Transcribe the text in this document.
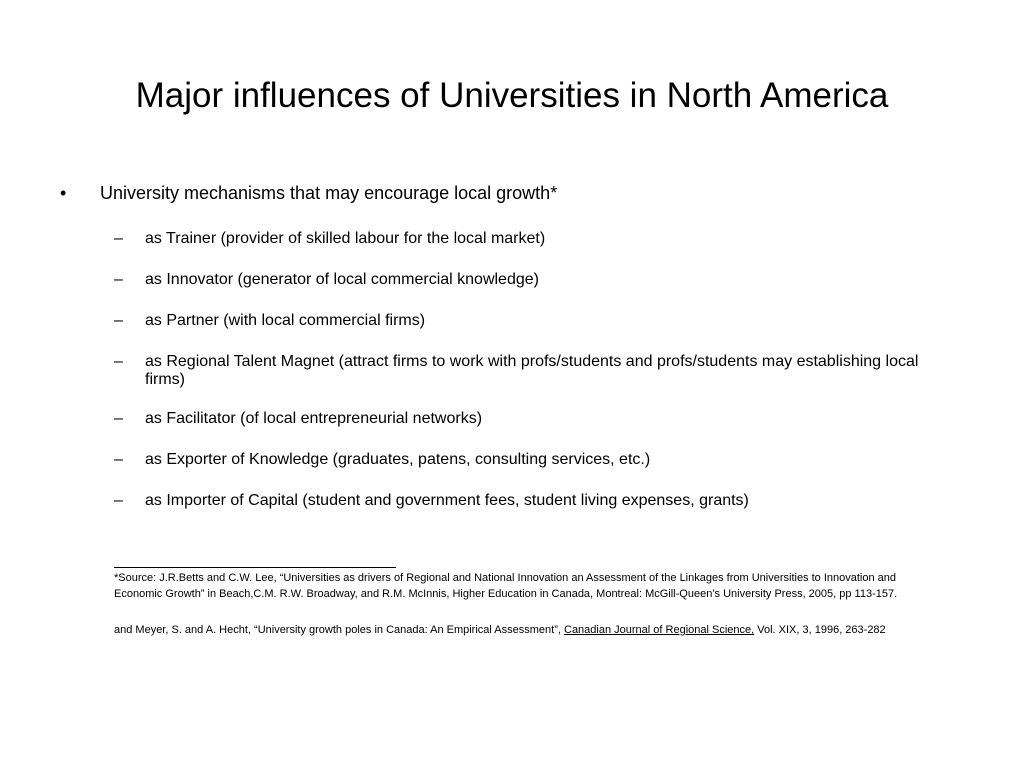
Major influences of Universities in North America
• University mechanisms that may encourage local growth*
– as Trainer (provider of skilled labour for the local market)
– as Innovator (generator of local commercial knowledge)
– as Partner (with local commercial firms)
– as Regional Talent Magnet (attract firms to work with profs/students and profs/students may establishing local firms)
– as Facilitator (of local entrepreneurial networks)
– as Exporter of Knowledge (graduates, patens, consulting services, etc.)
– as Importer of Capital (student and government fees, student living expenses, grants)
*Source: J.R.Betts and C.W. Lee, “Universities as drivers of Regional and National Innovation an Assessment of the Linkages from Universities to Innovation and Economic Growth” in Beach,C.M. R.W. Broadway, and R.M. McInnis, Higher Education in Canada, Montreal: McGill-Queen’s University Press, 2005, pp 113-157.
and Meyer, S. and A. Hecht, “University growth poles in Canada: An Empirical Assessment”, Canadian Journal of Regional Science, Vol. XIX, 3, 1996, 263-282
